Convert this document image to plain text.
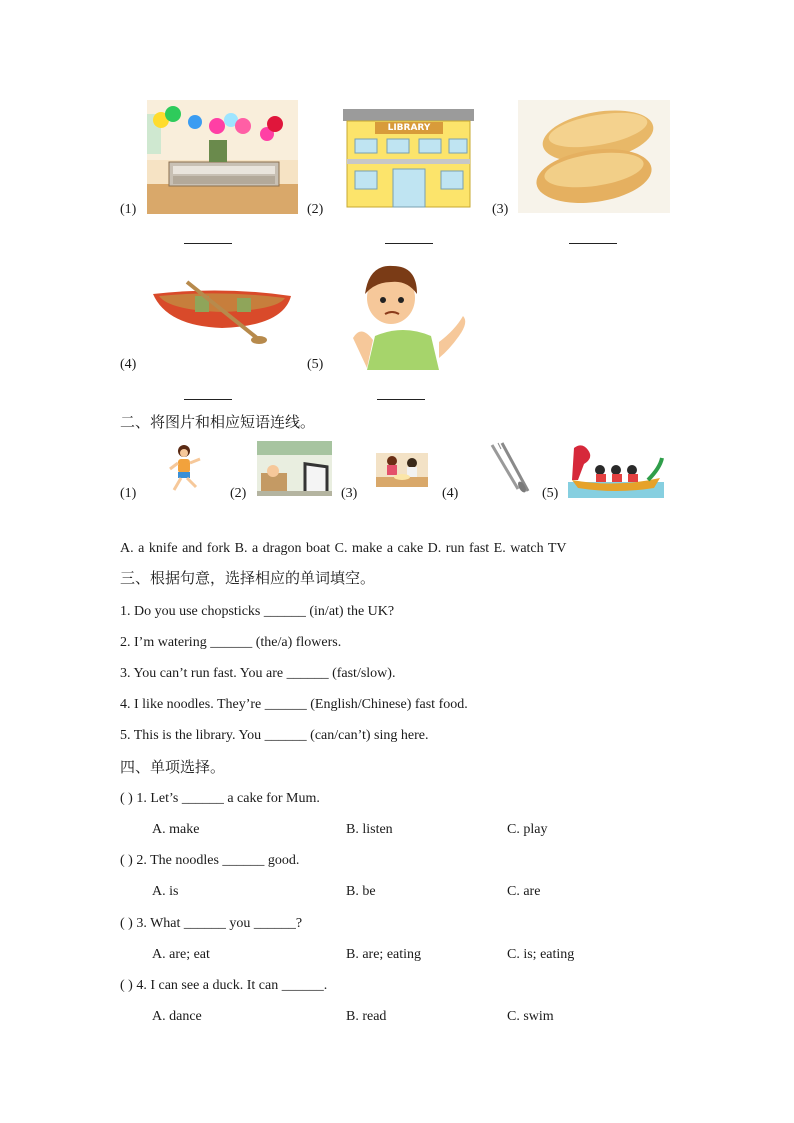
(1)	(2)
LIBRARY
(3)
(4)	(5)
二、将图片和相应短语连线。
(1)	(2)	(3)	(4)	(5)
A. a knife and fork B. a dragon boat C. make a cake D. run fast E. watch TV
三、根据句意，选择相应的单词填空。
1. Do you use chopsticks ______ (in/at) the UK?
2. I’m watering ______ (the/a) flowers.
3. You can’t run fast. You are ______ (fast/slow).
4. I like noodles. They’re ______ (English/Chinese) fast food.
5. This is the library. You ______ (can/can’t) sing here.
四、单项选择。
( ) 1. Let’s ______ a cake for Mum.
A. make	B. listen	C. play
( ) 2. The noodles ______ good.
A. is	B. be	C. are
( ) 3. What ______ you ______?
A. are; eat	B. are; eating	C. is; eating
( ) 4. I can see a duck. It can ______.
A. dance	B. read	C. swim
